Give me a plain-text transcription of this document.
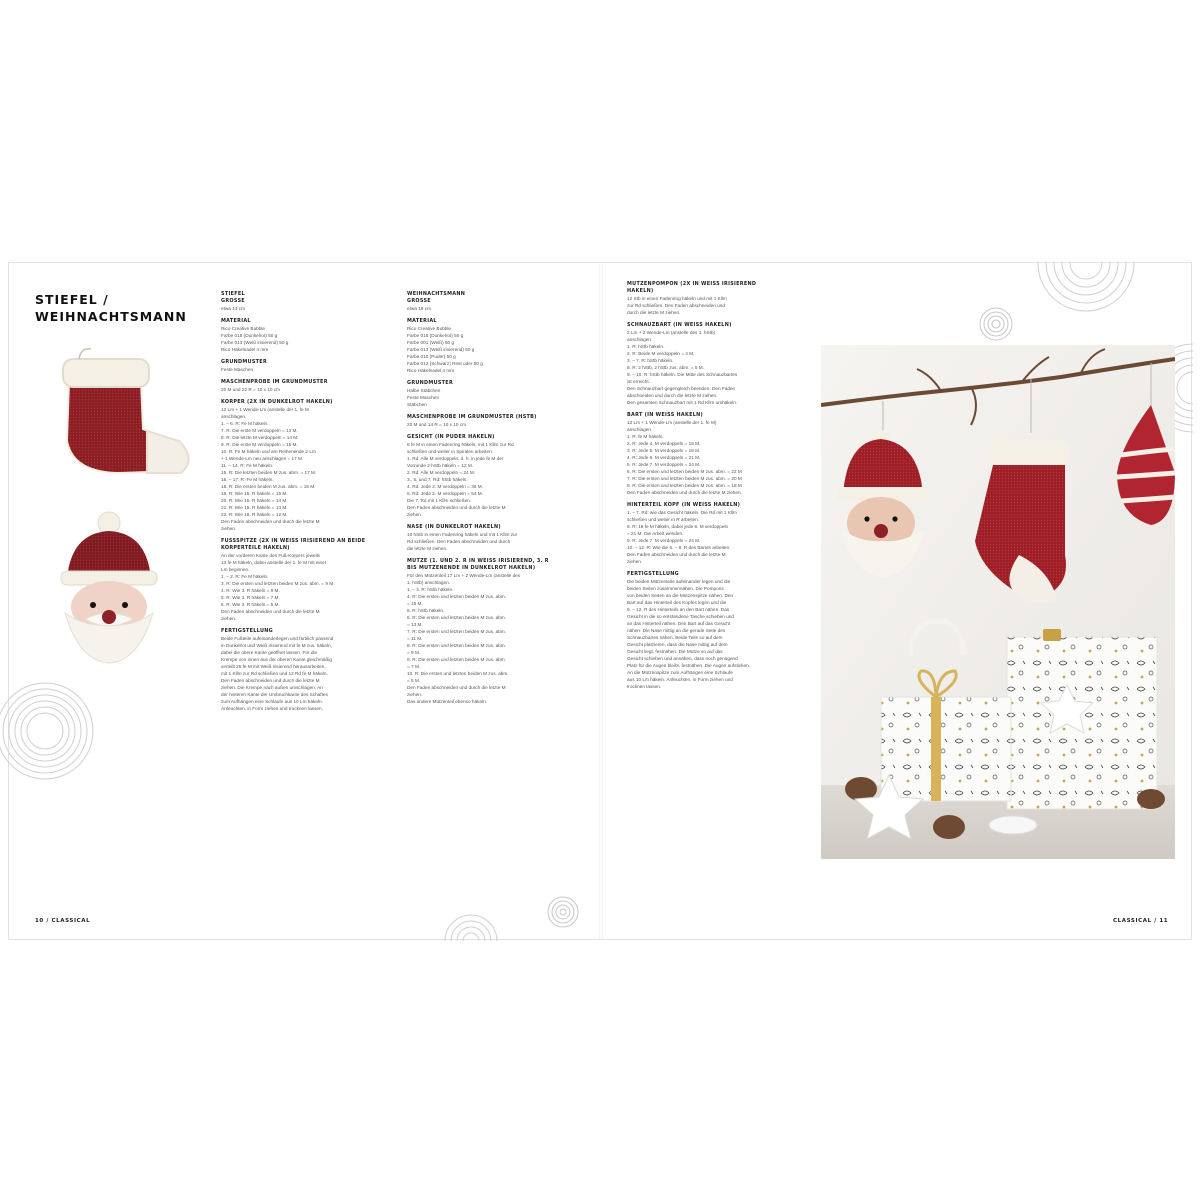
STIEFEL /
WEIHNACHTSMANN
STIEFEL
GRÖSSE
etwa 13 cm
MATERIAL
Rico Creative Bubble
Farbe 018 (Dunkelrot) 50 g
Farbe 013 (Weiß irisierend) 50 g
Rico Häkelnadel 4 mm
GRUNDMUSTER
Feste Maschen
MASCHENPROBE IM GRUNDMUSTER
20 M und 22 R = 10 x 10 cm
KÖRPER (2X IN DUNKELROT HÄKELN)
12 Lm + 1 Wende-Lm (anstelle der 1. fe M
anschlagen.
1. – 6. R: Fe M häkeln.
7. R: Die erste M verdoppeln = 13 M.
8. R: Die letzte M verdoppeln = 14 M.
9. R: Die erste M verdoppeln = 15 M.
10. R: Fe M häkeln und am Reihenende 2 Lm
+ 1 Wende-Lm neu anschlagen = 17 M.
11. – 14. R: Fe M häkeln.
15. R: Die letzten beiden M zus. abm. = 17 M.
16. – 17. R: Fe M häkeln.
18. R: Die ersten beiden M zus. abm. = 16 M.
19. R: Wie 15. R häkeln = 15 M.
20. R: Wie 15. R häkeln = 14 M.
21. R: Wie 15. R häkeln = 13 M.
22. R: Wie 18. R häkeln = 12 M.
Den Faden abschneiden und durch die letzte M
ziehen.
FUSSSPITZE (2X IN WEISS IRISIEREND AN BEIDE
KÖRPERTEILE HÄKELN)
An der vorderen Kante des Fuß-Körpers jeweils
13 fe M häkeln, dabei anstelle der 1. fe M mit einer
Lm beginnen.
1. – 2. R: Fe M häkeln.
3. R: Die ersten und letzten beiden M zus. abm. = 9 M
4. R: Wie 3. R häkeln = 9 M.
5. R: Wie 3. R häkeln = 7 M.
6. R: Wie 3. R häkeln = 5 M.
Den Faden abschneiden und durch die letzte M
ziehen.
FERTIGSTELLUNG
Beide Fußteile aufeinanderlegen und farblich passend
in Dunkelrot und Weiß irisierend mit fe M zus. häkeln,
dabei die obere Kante geöffnet lassen. Für die
Krempe von innen aus der oberen Kante gleichmäßig
verteilt 26 fe M mit Weiß irisierend herausarbeiten,
mit 1 Kllm zur Rd schließen und 12 Rd fe M häkeln.
Den Faden abschneiden und durch die letzte M
ziehen. Die Krempe nach außen umschlagen. An
der hinteren Kante der Umbruchkante des Schaftes
zum Aufhängen eine Schlaufe aus 10 Lm häkeln.
Anfeuchten, in Form ziehen und trocknen lassen.
WEIHNACHTSMANN
GRÖSSE
etwa 19 cm
MATERIAL
Rico Creative Bubble
Farbe 018 (Dunkelrot) 50 g
Farbe 001 (Weiß) 50 g
Farbe 013 (Weiß irisierend) 50 g
Farbe 010 (Puder) 50 g
Farbe 012 (Schwarz) Rest oder 50 g
Rico Häkelnadel 4 mm
GRUNDMUSTER
Halbe Stäbchen
Feste Maschen
Stäbchen
MASCHENPROBE IM GRUNDMUSTER (HSTB)
20 M und 14 R = 10 x 10 cm
GESICHT (IN PUDER HÄKELN)
6 fe M in einen Fadenring häkeln, mit 1 Kllm zur Rd
schließen und weiter in Spiralen arbeiten.
1. Rd: Alle M verdoppeln, d. h. in jede fe M der
Vorrunde 2 hStb häkeln = 12 M.
2. Rd: Alle M verdoppeln = 24 M.
3., 5. und 7. Rd: hStb häkeln.
4. Rd: Jede 2. M verdoppeln = 36 M.
6. Rd: Jede 2. M verdoppeln = 54 M.
Die 7. Rd mit 1 Kllm schließen.
Den Faden abschneiden und durch die letzte M
ziehen.
NASE (IN DUNKELROT HÄKELN)
10 hStb in einen Fadenring häkeln und mit 1 Kllm zur
Rd schließen. Den Faden abschneiden und durch
die letzte M ziehen.
MÜTZE (1. UND 2. R IN WEISS IRISIEREND, 3. R
BIS MÜTZENENDE IN DUNKELROT HÄKELN)
Für den Mützenteil 17 Lm + 2 Wende-Lm (anstelle des
1. hStb) anschlagen.
1. – 3. R: hStb häkeln.
4. R: Die ersten und letzten beiden M zus. abm.
= 15 M.
5. R: hStb häkeln.
6. R: Die ersten und letzten beiden M zus. abm.
= 13 M.
7. R: Die ersten und letzten beiden M zus. abm.
= 11 M.
8. R: Die ersten und letzten beiden M zus. abm.
= 9 M.
9. R: Die ersten und letzten beiden M zus. abm.
= 7 M.
10. R: Die ersten und letzten beiden M zus. abm.
= 5 M.
Den Faden abschneiden und durch die letzte M
ziehen.
Das andere Mützenteil ebenso häkeln.
10 / CLASSICAL
MÜTZENPOMPON (2X IN WEISS IRISIEREND
HÄKELN)
12 Stb in einen Fadenring häkeln und mit 1 Kllm
zur Rd schließen. Den Faden abschneiden und
durch die letzte M ziehen.
SCHNAUZBART (IN WEISS HÄKELN)
2 Lm + 2 Wende-Lm (anstelle des 1. hStb)
anschlagen.
1. R: hStb häkeln.
2. R: Beide M verdoppeln = 4 M.
3. – 7. R: hStb häkeln.
8. R: 2 hStb, 2 hStb zus. abm. = 5 M.
9. – 10. R: hStb häkeln. Die Mitte des Schnauzbartes
ist erreicht.
Den Schnauzbart gegengleich beenden. Den Faden
abschneiden und durch die letzte M ziehen.
Den gesamten Schnauzbart mit 1 Rd Kllm umhäkeln.
BART (IN WEISS HÄKELN)
12 Lm + 1 Wende-Lm (anstelle der 1. fe M)
anschlagen.
1. R: fe M häkeln.
2. R: Jede 4. M verdoppeln = 15 M.
3. R: Jede 5. M verdoppeln = 18 M.
4. R: Jede 6. M verdoppeln = 21 M.
5. R: Jede 7. M verdoppeln = 24 M.
6. R: Die ersten und letzten beiden M zus. abm. = 22 M
7. R: Die ersten und letzten beiden M zus. abm. = 20 M
8. R: Die ersten und letzten beiden M zus. abm. = 18 M
Den Faden abschneiden und durch die letzte M ziehen.
HINTERTEIL KOPF (IN WEISS HÄKELN)
1. – 7. Rd: wie das Gesicht häkeln. Die Rd mit 1 Kllm
schließen und weiter in R arbeiten.
8. R: 18 fe M häkeln, dabei jede 6. M verdoppeln
= 21 M. Die Arbeit wenden.
9. R: Jede 7. M verdoppeln = 24 M.
10. – 12. R: Wie die 6. – 8. R des Bartes arbeiten.
Den Faden abschneiden und durch die letzte M
ziehen.
FERTIGSTELLUNG
Die beiden Mützenteile aufeinander legen und die
beiden Seiten zusammennähen. Die Pompons
von beiden Seiten an die Mützenspitze nähen. Den
Bart auf das Hinterteil des Kopfes legen und die
9. – 12. R des Hinterteils an den Bart nähen. Das
Gesicht in die so entstandene Tasche schieben und
an das Hinterteil nähen. Den Bart auf das Gesicht
nähen. Die Nase mittig an die gerade Seite des
Schnauzbartes nähen. Beide Teile so auf dem
Gesicht platzieren, dass die Nase mittig auf dem
Gesicht liegt, festnähen. Die Mütze so auf das
Gesicht schieben und annähen, dass noch genügend
Platz für die Augen bleibt, festnähen. Die Augen aufsticken.
An die Mützenspitze zum Aufhängen eine Schlaufe
aus 10 Lm häkeln. Anfeuchten, in Form ziehen und
trocknen lassen.
CLASSICAL / 11
